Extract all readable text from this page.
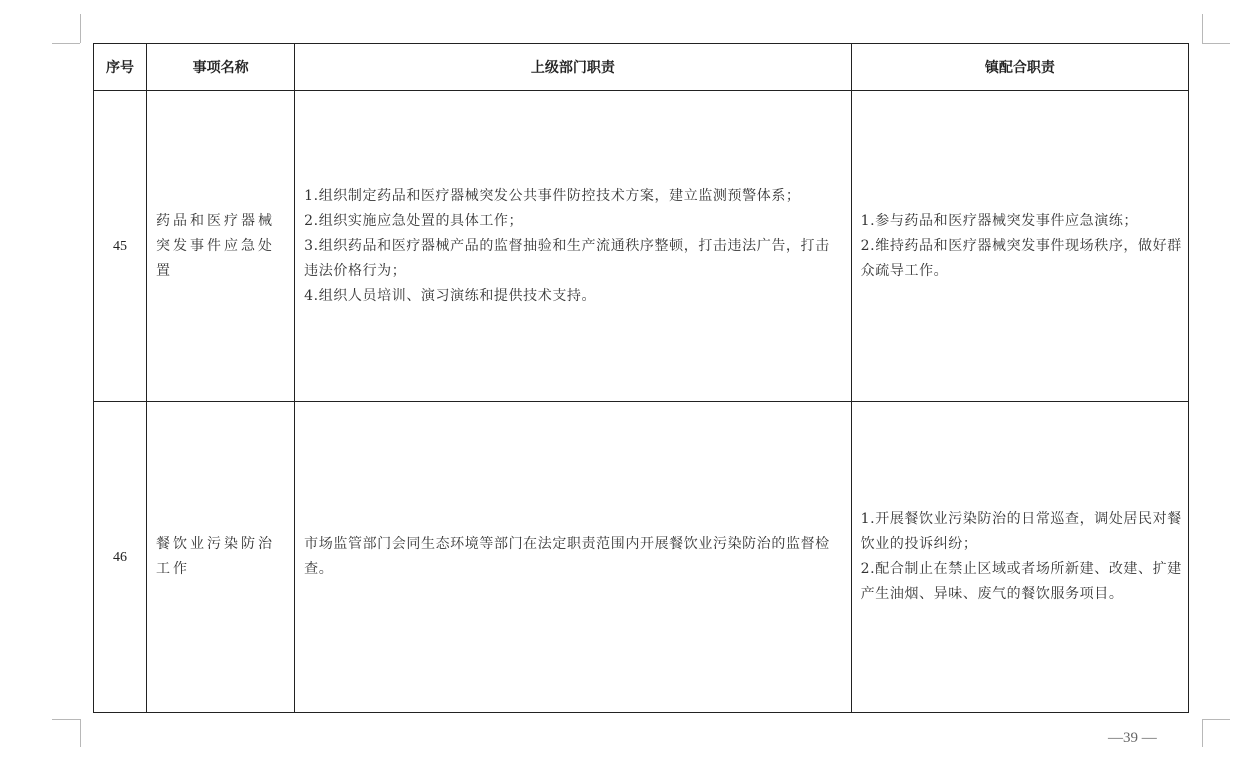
序号	事项名称	上级部门职责	镇配合职责
45	药品和医疗器械突发事件应急处置	1.组织制定药品和医疗器械突发公共事件防控技术方案，建立监测预警体系；
2.组织实施应急处置的具体工作；
3.组织药品和医疗器械产品的监督抽验和生产流通秩序整顿，打击违法广告，打击违法价格行为；
4.组织人员培训、演习演练和提供技术支持。	1.参与药品和医疗器械突发事件应急演练；
2.维持药品和医疗器械突发事件现场秩序，做好群众疏导工作。

46	餐饮业污染防治工作	市场监管部门会同生态环境等部门在法定职责范围内开展餐饮业污染防治的监督检查。	1.开展餐饮业污染防治的日常巡查，调处居民对餐饮业的投诉纠纷；
2.配合制止在禁止区域或者场所新建、改建、扩建产生油烟、异味、废气的餐饮服务项目。
—39 —
